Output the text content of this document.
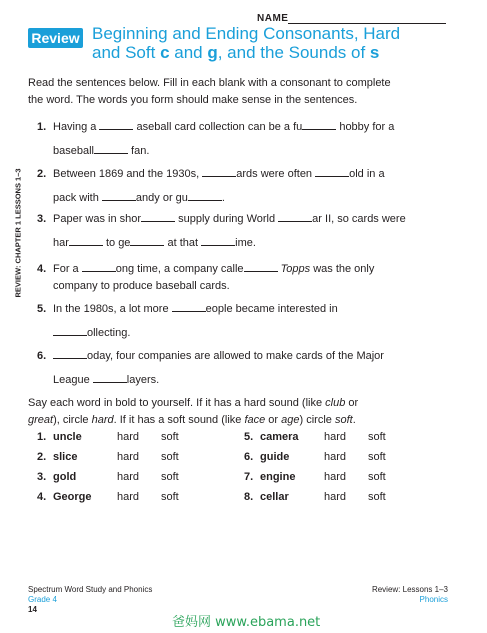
NAME
Review Beginning and Ending Consonants, Hard
and Soft c and g, and the Sounds of s
REVIEW: CHAPTER 1 LESSONS 1–3
Read the sentences below. Fill in each blank with a consonant to complete
the word. The words you form should make sense in the sentences.
1. Having a	aseball card collection can be a fu	hobby for a
baseball	fan.
2. Between 1869 and the 1930s,	ards were often	old in a
pack with	andy or gu	.
3. Paper was in shor	supply during World	ar II, so cards were
har	to ge	at that	ime.
4. For a	ong time, a company calle	Topps was the only
company to produce baseball cards.
5. In the 1980s, a lot more	eople became interested in
ollecting.
6.	oday, four companies are allowed to make cards of the Major
League	layers.
Say each word in bold to yourself. If it has a hard sound (like club or
great), circle hard. If it has a soft sound (like face or age) circle soft.
1. uncle	hard soft
2. slice	hard soft
3. gold	hard soft
4. George hard soft
5. camera hard soft
6. guide	hard soft
7. engine	hard soft
8. cellar	hard soft
Spectrum Word Study and Phonics
Grade 4
14
Review: Lessons 1–3
Phonics
爸妈网 www.ebama.net
